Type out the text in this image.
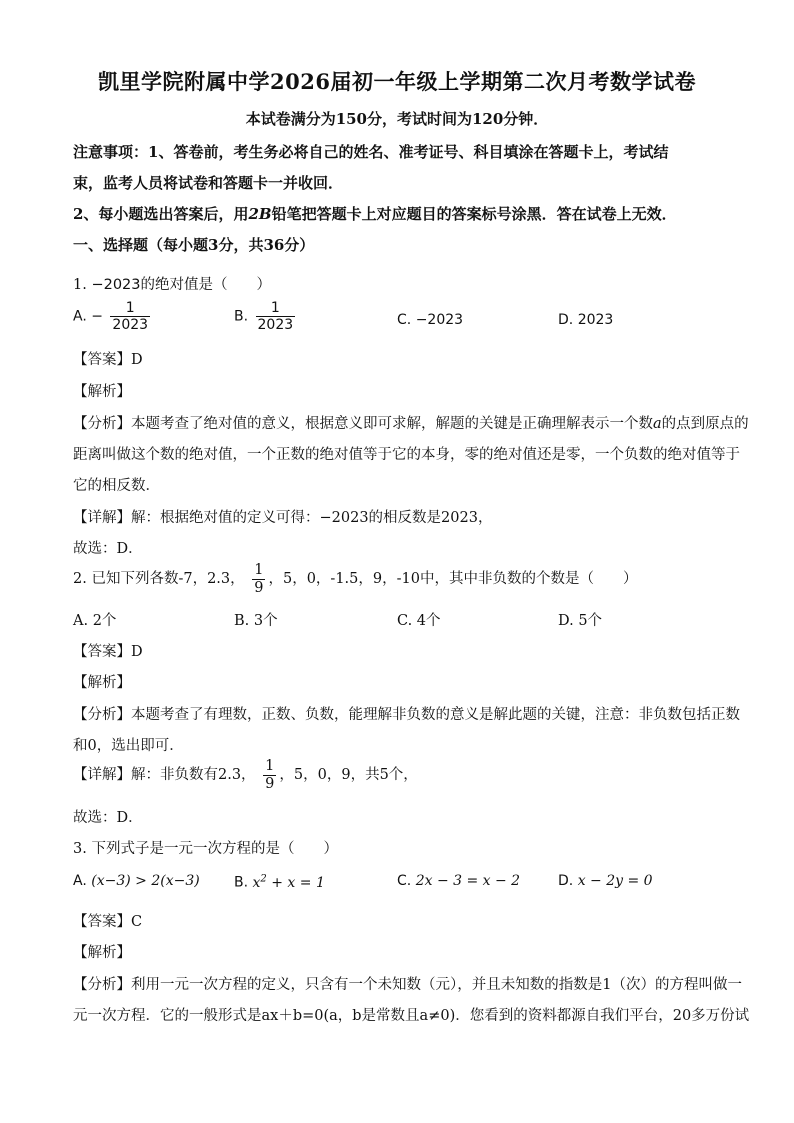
凯里学院附属中学2026届初一年级上学期第二次月考数学试卷
本试卷满分为150分，考试时间为120分钟．
注意事项：1、答卷前，考生务必将自己的姓名、准考证号、科目填涂在答题卡上，考试结
束，监考人员将试卷和答题卡一并收回．
2、每小题选出答案后，用2B铅笔把答题卡上对应题目的答案标号涂黑．答在试卷上无效．
一、选择题（每小题3分，共36分）
1. −2023的绝对值是（　　）
A. − $\frac{1}{2023}$	B. $\frac{1}{2023}$	C. −2023	D. 2023
【答案】D
【解析】
【分析】本题考查了绝对值的意义，根据意义即可求解，解题的关键是正确理解表示一个数a的点到原点的
距离叫做这个数的绝对值，一个正数的绝对值等于它的本身，零的绝对值还是零，一个负数的绝对值等于
它的相反数．
【详解】解：根据绝对值的定义可得：−2023的相反数是2023，
故选：D．
2. 已知下列各数-7，2.3， $\frac{1}{9}$ ，5，0，-1.5，9，-10中，其中非负数的个数是（　　）
A. 2个	B. 3个	C. 4个	D. 5个
【答案】D
【解析】
【分析】本题考查了有理数，正数、负数，能理解非负数的意义是解此题的关键，注意：非负数包括正数
和0，选出即可．
【详解】解：非负数有2.3， $\frac{1}{9}$ ，5，0，9，共5个，
故选：D．
3. 下列式子是一元一次方程的是（　　）
A. (x−3) > 2(x−3) B. $x^2 + x = 1$	C. 2x − 3 = x − 2	D. x − 2y = 0
【答案】C
【解析】
【分析】利用一元一次方程的定义，只含有一个未知数（元），并且未知数的指数是1（次）的方程叫做一
元一次方程．它的一般形式是ax＋b=0(a，b是常数且a≠0)．您看到的资料都源自我们平台，20多万份试
